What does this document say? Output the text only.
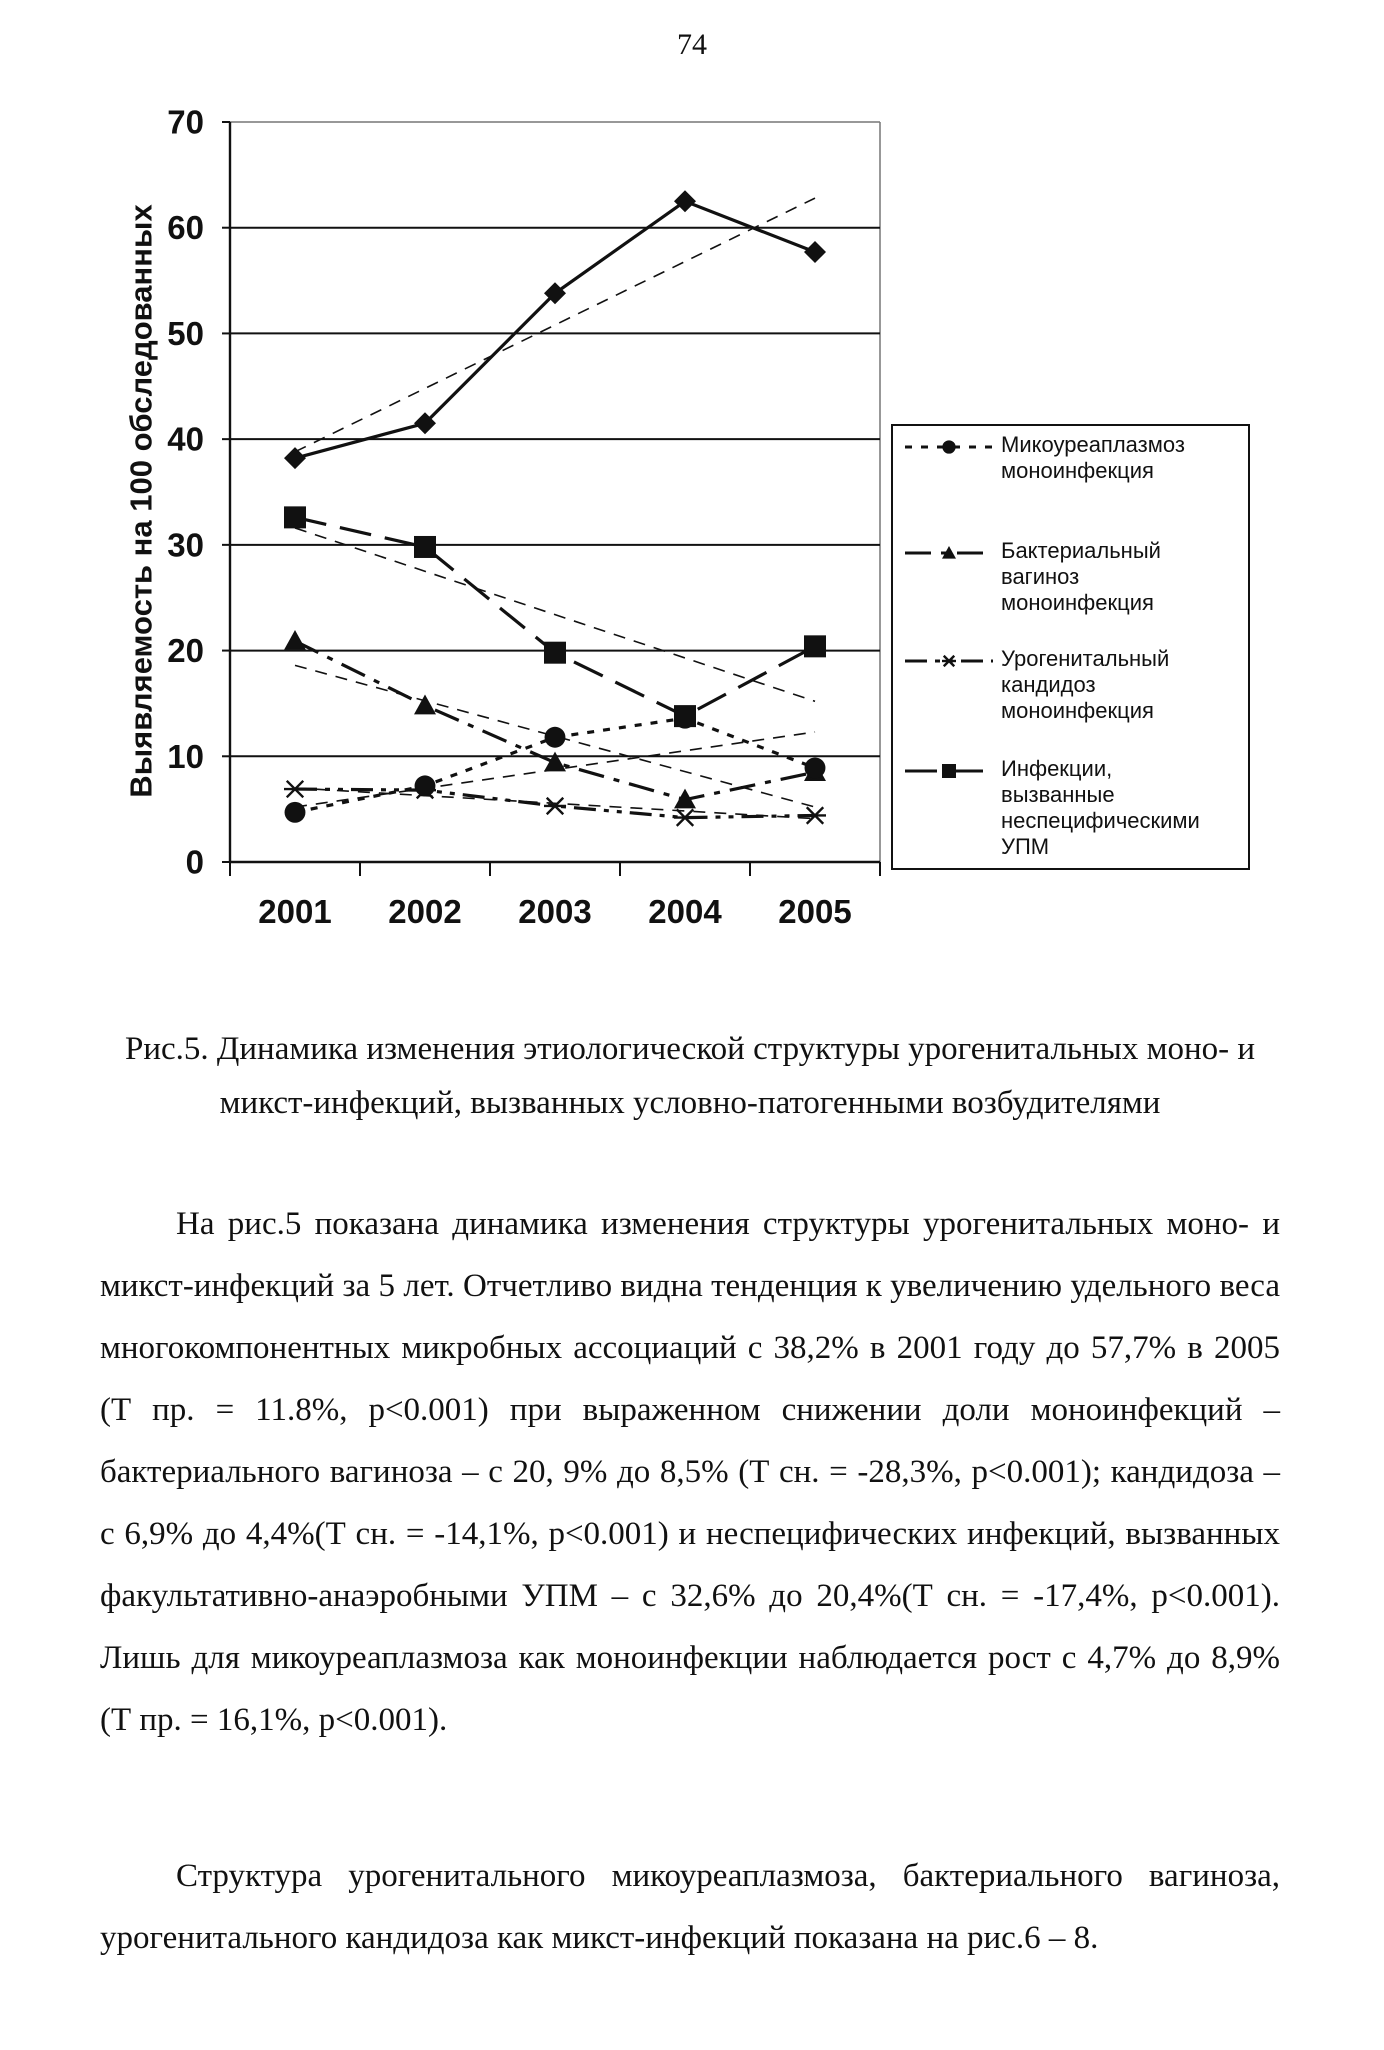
74
0
10
20
30
40
50
60
70
2001 2002 2003 2004 2005
Выявляемость на 100 обследованных	Микоуреаплазмоз
моноинфекция
Бактериальный
вагиноз
моноинфекция
Урогенитальный
кандидоз
моноинфекция
Инфекции,
вызванные
неспецифическими
УПМ
Рис.5. Динамика изменения этиологической структуры урогенитальных моно- и микст-инфекций, вызванных условно-патогенными возбудителями
На рис.5 показана динамика изменения структуры урогенитальных моно- и микст-инфекций за 5 лет. Отчетливо видна тенденция к увеличению удельного веса многокомпонентных микробных ассоциаций с 38,2% в 2001 году до 57,7% в 2005 (Т пр. = 11.8%, p<0.001) при выраженном снижении доли моноинфекций – бактериального вагиноза – с 20, 9% до 8,5% (Т сн. = -28,3%, p<0.001); кандидоза – с 6,9% до 4,4%(Т сн. = -14,1%, p<0.001) и неспецифических инфекций, вызванных факультативно-анаэробными УПМ – с 32,6% до 20,4%(Т сн. = -17,4%, p<0.001). Лишь для микоуреаплазмоза как моноинфекции наблюдается рост с 4,7% до 8,9%(Т пр. = 16,1%, p<0.001).
Структура урогенитального микоуреаплазмоза, бактериального вагиноза, урогенитального кандидоза как микст-инфекций показана на рис.6 – 8.
